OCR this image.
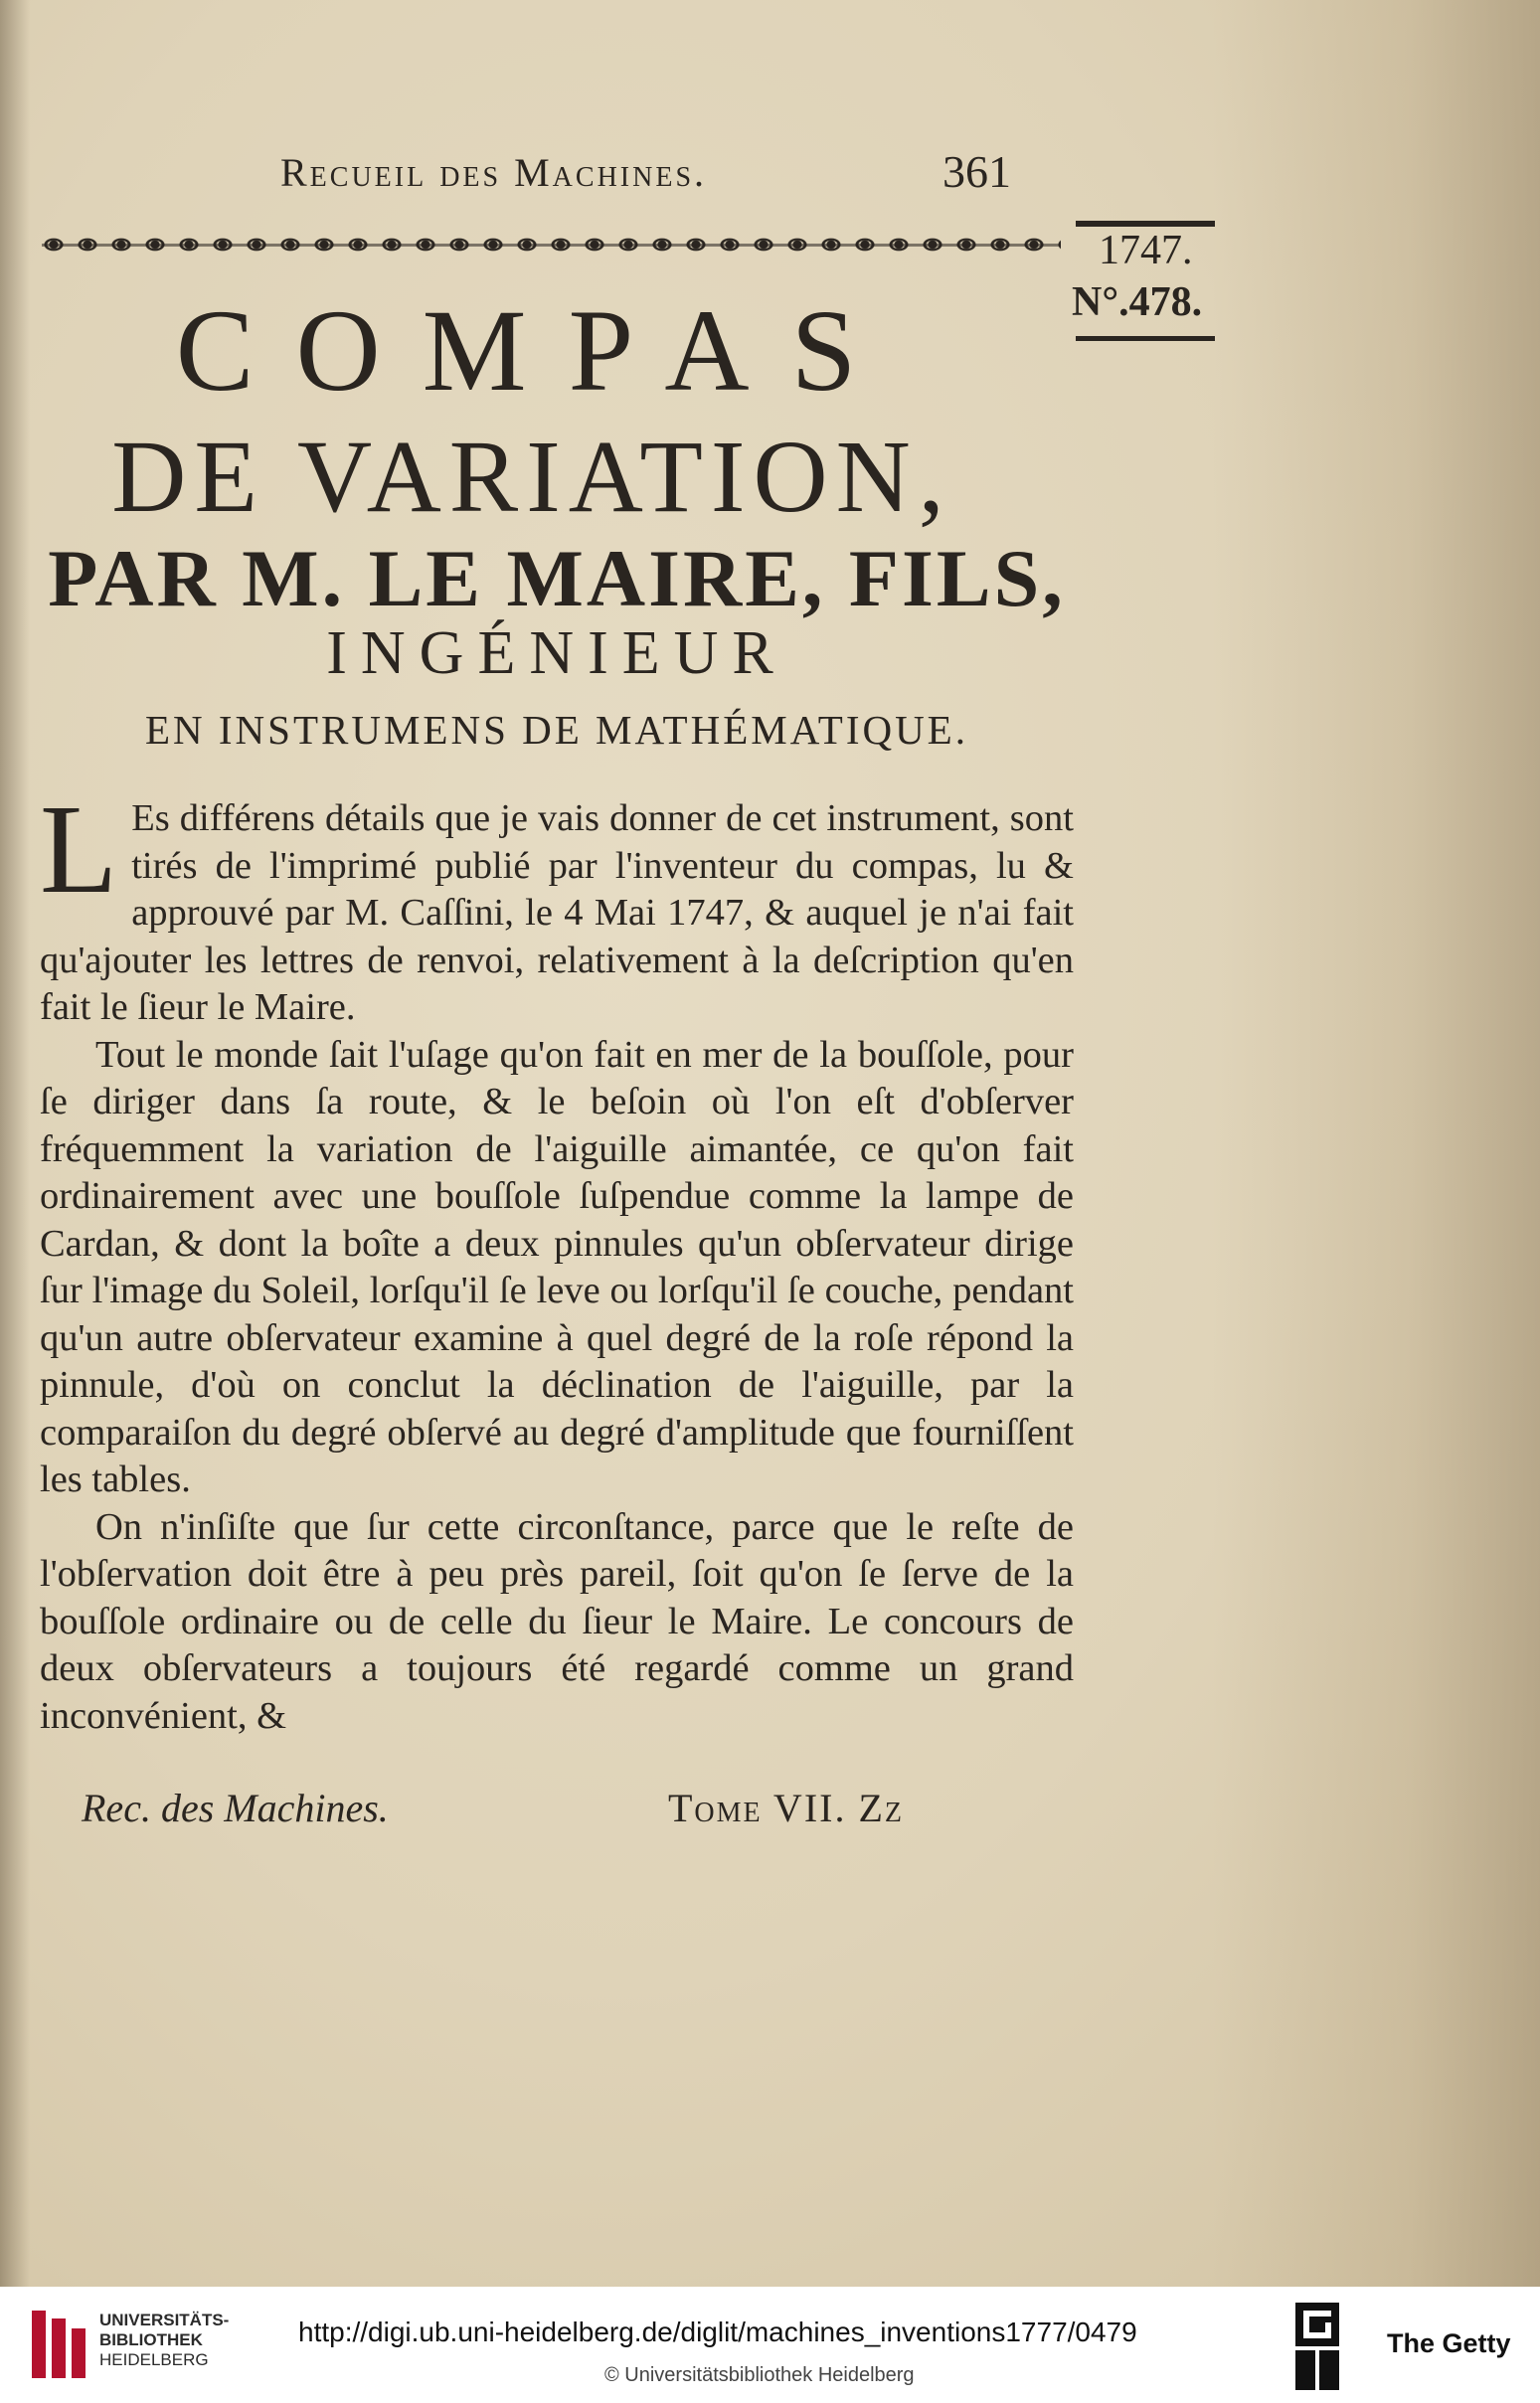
Recueil des Machines.	361
1747.
N°.478.
COMPAS
DE VARIATION,
PAR M. LE MAIRE, FILS,
INGÉNIEUR
EN INSTRUMENS DE MATHÉMATIQUE.

L Es différens détails que je vais donner de cet instrument, sont tirés de l'imprimé publié par l'inventeur du compas, lu & approuvé par M. Caſſini, le 4 Mai 1747, & auquel je n'ai fait qu'ajouter les lettres de renvoi, relativement à la deſcription qu'en fait le ſieur le Maire.

Tout le monde ſait l'uſage qu'on fait en mer de la bouſſole, pour ſe diriger dans ſa route, & le beſoin où l'on eſt d'obſerver fréquemment la variation de l'aiguille aimantée, ce qu'on fait ordinairement avec une bouſſole ſuſpendue comme la lampe de Cardan, & dont la boîte a deux pinnules qu'un obſervateur dirige ſur l'image du Soleil, lorſqu'il ſe leve ou lorſqu'il ſe couche, pendant qu'un autre obſervateur examine à quel degré de la roſe répond la pinnule, d'où on conclut la déclination de l'aiguille, par la comparaiſon du degré obſervé au degré d'amplitude que fourniſſent les tables.

On n'inſiſte que ſur cette circonſtance, parce que le reſte de l'obſervation doit être à peu près pareil, ſoit qu'on ſe ſerve de la bouſſole ordinaire ou de celle du ſieur le Maire. Le concours de deux obſervateurs a toujours été regardé comme un grand inconvénient, &

Rec. des Machines.	Tome VII. Zz
UNIVERSITÄTS-
BIBLIOTHEK
HEIDELBERG
http://digi.ub.uni-heidelberg.de/diglit/machines_inventions1777/0479
© Universitätsbibliothek Heidelberg
The Getty
